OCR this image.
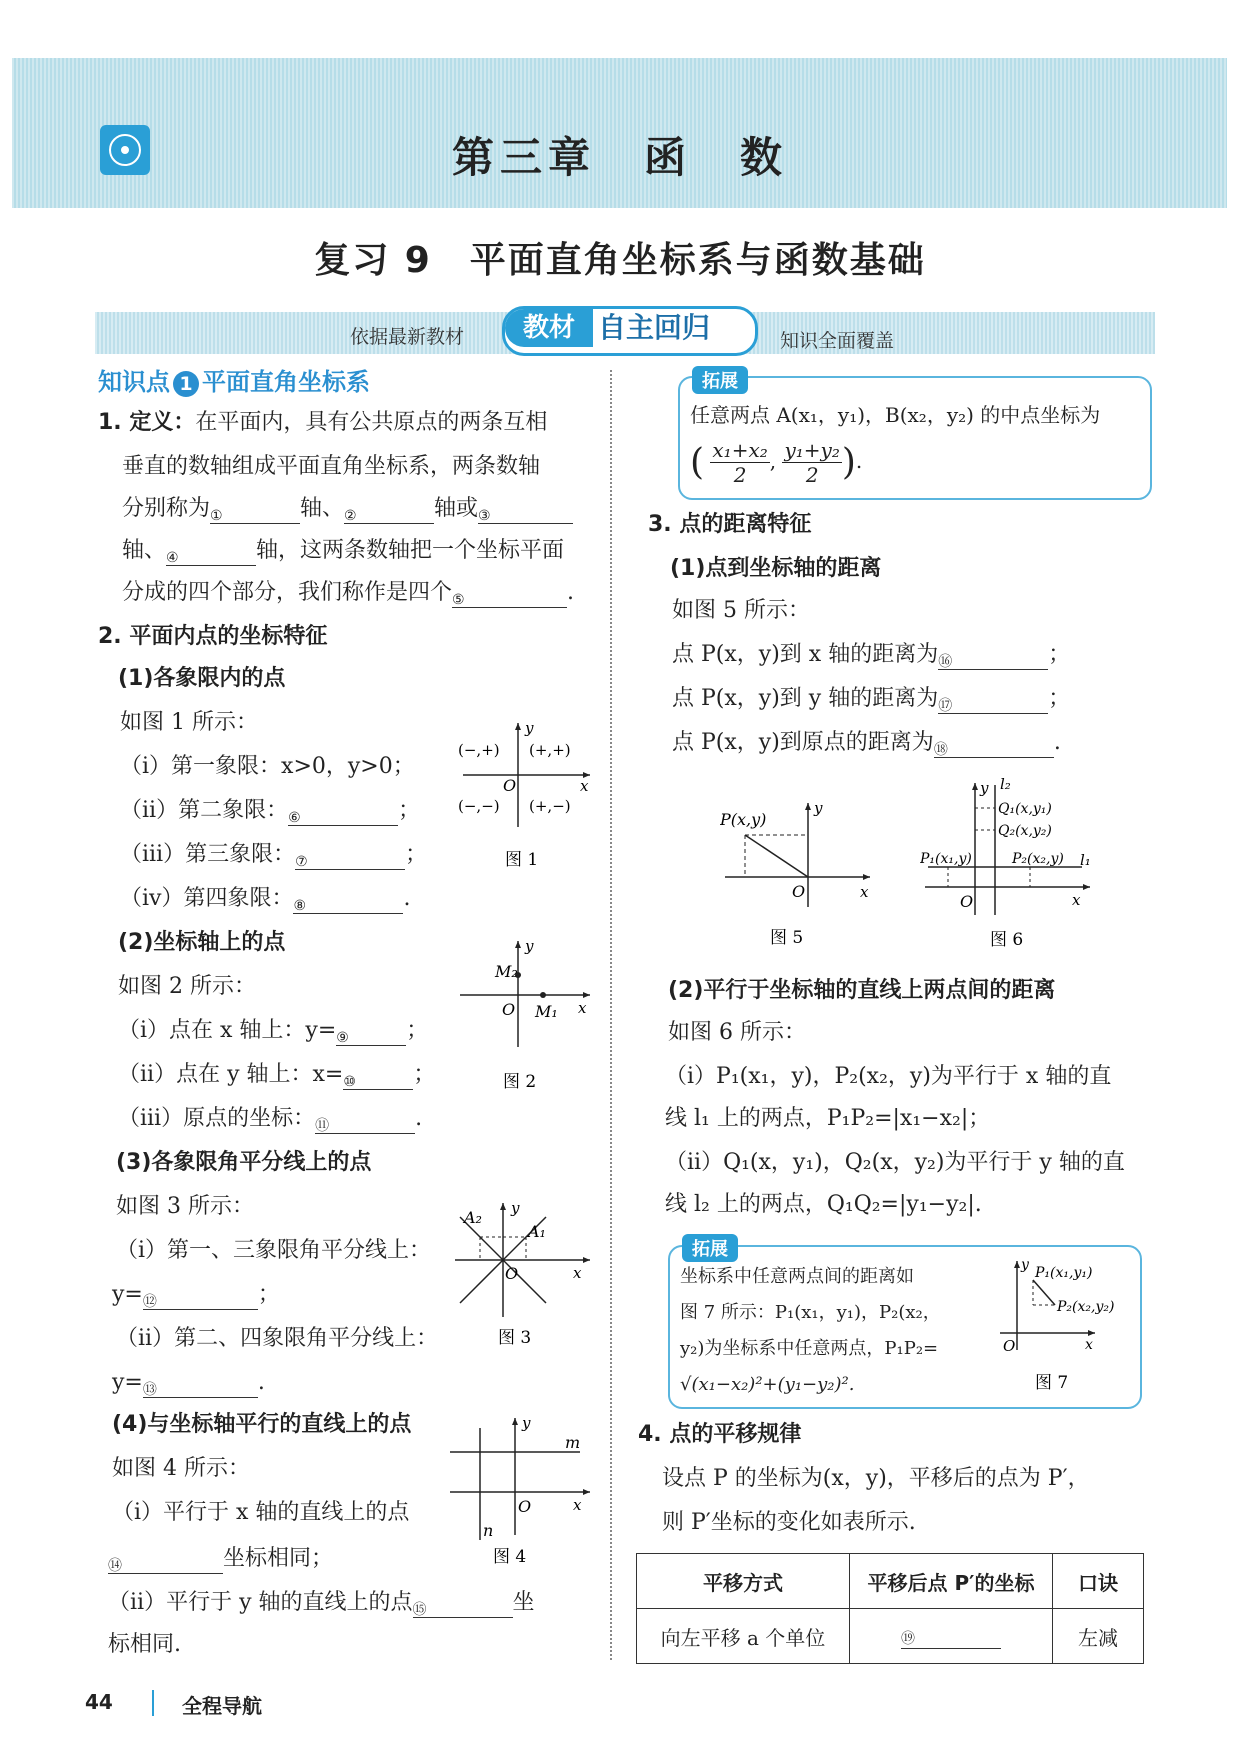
第三章　函　数
复习 9　平面直角坐标系与函数基础
依据最新教材	知识全面覆盖
教材 自主回归
知识点 1 平面直角坐标系
1. 定义：在平面内，具有公共原点的两条互相
垂直的数轴组成平面直角坐标系，两条数轴
分别称为①	轴、②	轴或③
轴、④	轴，这两条数轴把一个坐标平面
分成的四个部分，我们称作是四个⑤	.
2. 平面内点的坐标特征
(1)各象限内的点
如图 1 所示：
（ⅰ）第一象限：x>0，y>0；
（ⅱ）第二象限：⑥	；
（ⅲ）第三象限：⑦	；
（ⅳ）第四象限：⑧	.
(2)坐标轴上的点
如图 2 所示：
（ⅰ）点在 x 轴上：y=⑨	；
（ⅱ）点在 y 轴上：x=⑩	；
（ⅲ）原点的坐标：⑪	.
(3)各象限角平分线上的点
如图 3 所示：
（ⅰ）第一、三象限角平分线上：
y=⑫	；
（ⅱ）第二、四象限角平分线上：
y=⑬	.
(4)与坐标轴平行的直线上的点
如图 4 所示：
（ⅰ）平行于 x 轴的直线上的点
⑭	坐标相同；
（ⅱ）平行于 y 轴的直线上的点⑮	坐
标相同.
(−,+) (+,+)
(−,−) (+,−)
O	x
y
图 1
M₂
M₁
O	x
y
图 2
A₂
A₁
O	x
y
图 3
m
n
O	x
y
图 4
拓展
任意两点 A(x₁，y₁)，B(x₂，y₂) 的中点坐标为
( $\frac{\text{x₁+x₂}}{2}$ , $\frac{\text{y₁+y₂}}{2}$ ).
3. 点的距离特征
(1)点到坐标轴的距离
如图 5 所示：
点 P(x，y)到 x 轴的距离为⑯	；
点 P(x，y)到 y 轴的距离为⑰	；
点 P(x，y)到原点的距离为⑱	.
P(x,y)
O	x
y
图 5
l₂
l₁
Q₁(x,y₁)
Q₂(x,y₂)
P₁(x₁,y)	P₂(x₂,y)
O	x
y
图 6
(2)平行于坐标轴的直线上两点间的距离
如图 6 所示：
（ⅰ）P₁(x₁，y)，P₂(x₂，y)为平行于 x 轴的直
线 l₁ 上的两点，P₁P₂=|x₁−x₂|；
（ⅱ）Q₁(x，y₁)，Q₂(x，y₂)为平行于 y 轴的直
线 l₂ 上的两点，Q₁Q₂=|y₁−y₂|.
拓展
坐标系中任意两点间的距离如
图 7 所示：P₁(x₁，y₁)，P₂(x₂，
y₂)为坐标系中任意两点，P₁P₂=
√(x₁−x₂)²+(y₁−y₂)².
P₁(x₁,y₁)
P₂(x₂,y₂)
O	x
y
图 7
4. 点的平移规律
设点 P 的坐标为(x，y)，平移后的点为 P′，
则 P′坐标的变化如表所示.
平移方式	平移后点 P′的坐标	口诀
向左平移 a 个单位	⑲	左减
44	全程导航
